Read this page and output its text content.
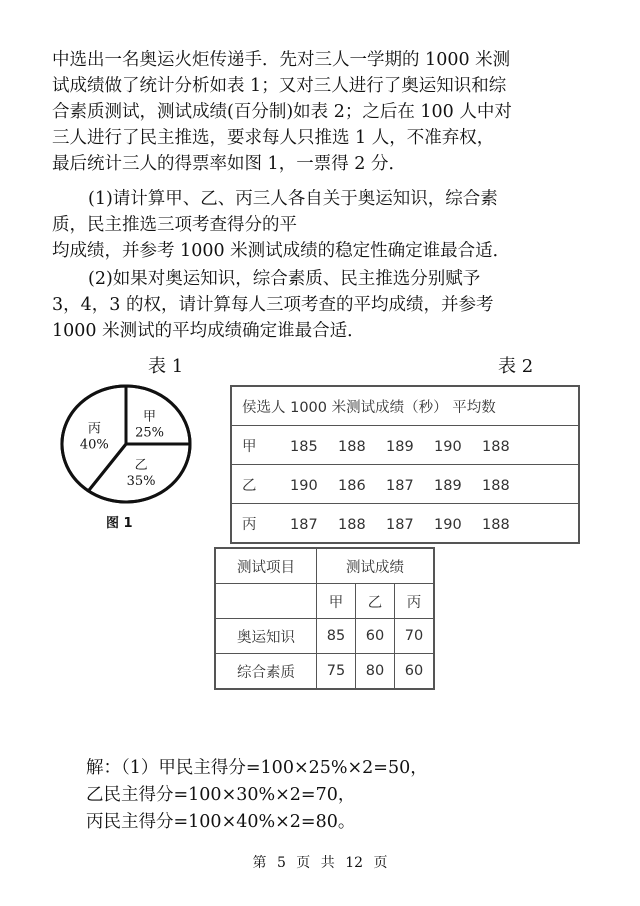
中选出一名奥运火炬传递手．先对三人一学期的 1000 米测
试成绩做了统计分析如表 1；又对三人进行了奥运知识和综
合素质测试，测试成绩(百分制)如表 2；之后在 100 人中对
三人进行了民主推选，要求每人只推选 1 人，不准弃权，
最后统计三人的得票率如图 1，一票得 2 分．
(1)请计算甲、乙、丙三人各自关于奥运知识，综合素
质，民主推选三项考查得分的平
均成绩，并参考 1000 米测试成绩的稳定性确定谁最合适．
(2)如果对奥运知识，综合素质、民主推选分别赋予
3，4，3 的权，请计算每人三项考查的平均成绩，并参考
1000 米测试的平均成绩确定谁最合适．
表 1	表 2
甲
25%
乙
35%
丙
40%
图 1
侯选人 1000 米测试成绩（秒） 平均数
甲 185 188 189 190 188
乙 190 186 187 189 188
丙 187 188 187 190 188
测试项目	测试成绩		
	甲	乙	丙
奥运知识	85	60	70
综合素质	75	80	60
解：（1）甲民主得分=100×25%×2=50，
乙民主得分=100×30%×2=70，
丙民主得分=100×40%×2=80。
第 5 页 共 12 页
